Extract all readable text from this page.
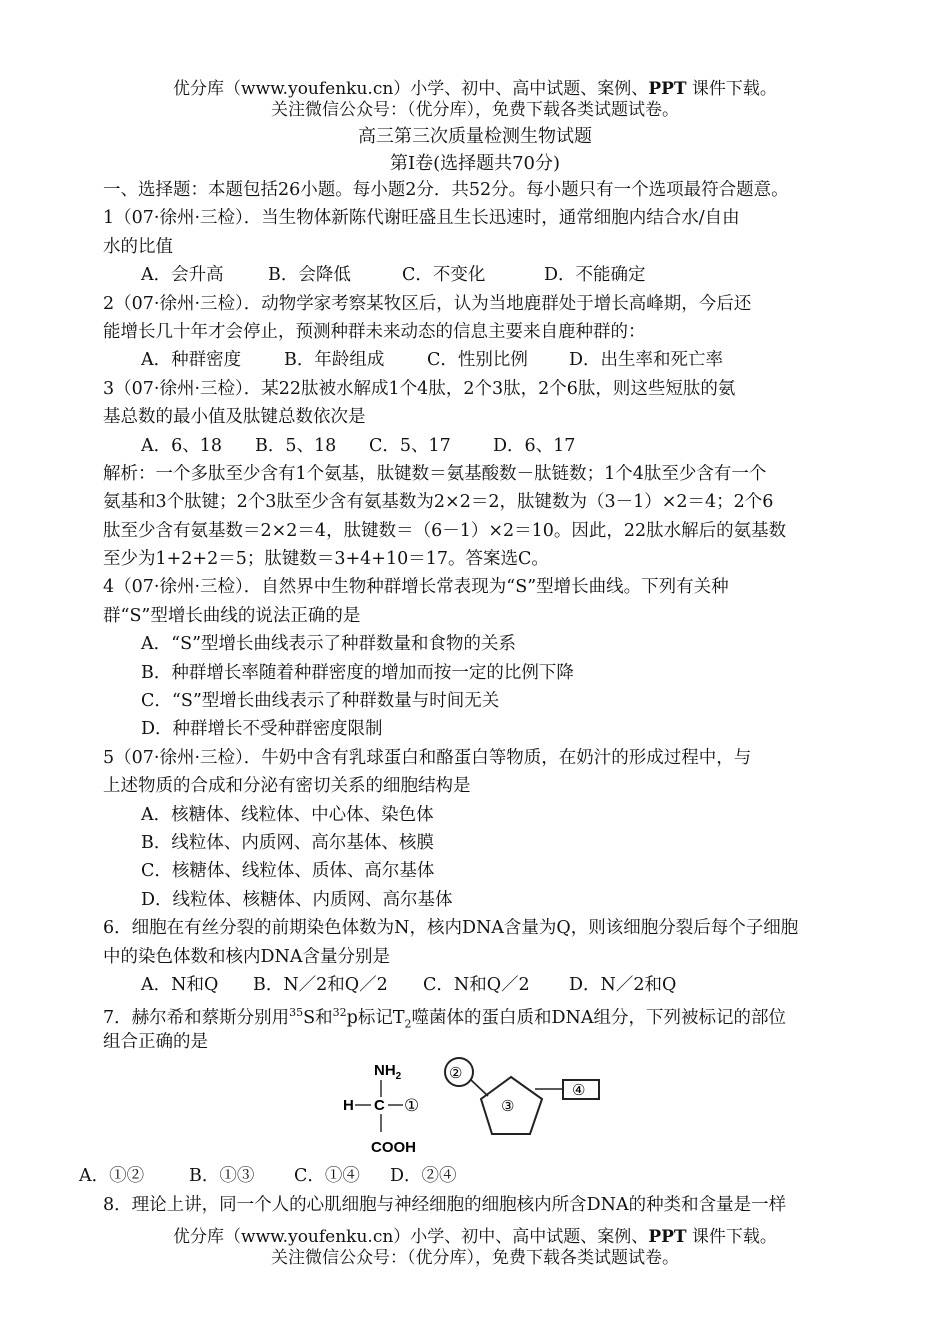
优分库（www.youfenku.cn）小学、初中、高中试题、案例、PPT 课件下载。
关注微信公众号：（优分库），免费下载各类试题试卷。
高三第三次质量检测生物试题
第Ⅰ卷(选择题共70分)
一、选择题：本题包括26小题。每小题2分．共52分。每小题只有一个选项最符合题意。
1（07·徐州·三检）．当生物体新陈代谢旺盛且生长迅速时，通常细胞内结合水/自由
水的比值
A．会升高	B．会降低	C．不变化	D．不能确定
2（07·徐州·三检）．动物学家考察某牧区后，认为当地鹿群处于增长高峰期，今后还
能增长几十年才会停止，预测种群未来动态的信息主要来自鹿种群的：
A．种群密度 B．年龄组成 C．性别比例 D．出生率和死亡率
3（07·徐州·三检）．某22肽被水解成1个4肽，2个3肽，2个6肽，则这些短肽的氨
基总数的最小值及肽键总数依次是
A．6、18 B．5、18 C．5、17 D．6、17
解析：一个多肽至少含有1个氨基，肽键数＝氨基酸数－肽链数；1个4肽至少含有一个
氨基和3个肽键；2个3肽至少含有氨基数为2×2＝2，肽键数为（3－1）×2＝4；2个6
肽至少含有氨基数＝2×2＝4，肽键数＝（6－1）×2＝10。因此，22肽水解后的氨基数
至少为1+2+2＝5；肽键数＝3+4+10＝17。答案选C。
4（07·徐州·三检）．自然界中生物种群增长常表现为“S”型增长曲线。下列有关种
群“S”型增长曲线的说法正确的是
A．“S”型增长曲线表示了种群数量和食物的关系
B．种群增长率随着种群密度的增加而按一定的比例下降
C．“S”型增长曲线表示了种群数量与时间无关
D．种群增长不受种群密度限制
5（07·徐州·三检）．牛奶中含有乳球蛋白和酪蛋白等物质，在奶汁的形成过程中，与
上述物质的合成和分泌有密切关系的细胞结构是
A．核糖体、线粒体、中心体、染色体
B．线粒体、内质网、高尔基体、核膜
C．核糖体、线粒体、质体、高尔基体
D．线粒体、核糖体、内质网、高尔基体
6．细胞在有丝分裂的前期染色体数为N，核内DNA含量为Q，则该细胞分裂后每个子细胞
中的染色体数和核内DNA含量分别是
A．N和Q B．N／2和Q／2 C．N和Q／2 D．N／2和Q
7．赫尔希和蔡斯分别用$^{35}$S和$^{32}$p标记$T_2$噬菌体的蛋白质和DNA组分，下列被标记的部位
组合正确的是
$NH_2$
H C ①
COOH
②
③
④
A．①②	B．①③ C．①④ D．②④
8．理论上讲，同一个人的心肌细胞与神经细胞的细胞核内所含DNA的种类和含量是一样
优分库（www.youfenku.cn）小学、初中、高中试题、案例、PPT 课件下载。
关注微信公众号：（优分库），免费下载各类试题试卷。
